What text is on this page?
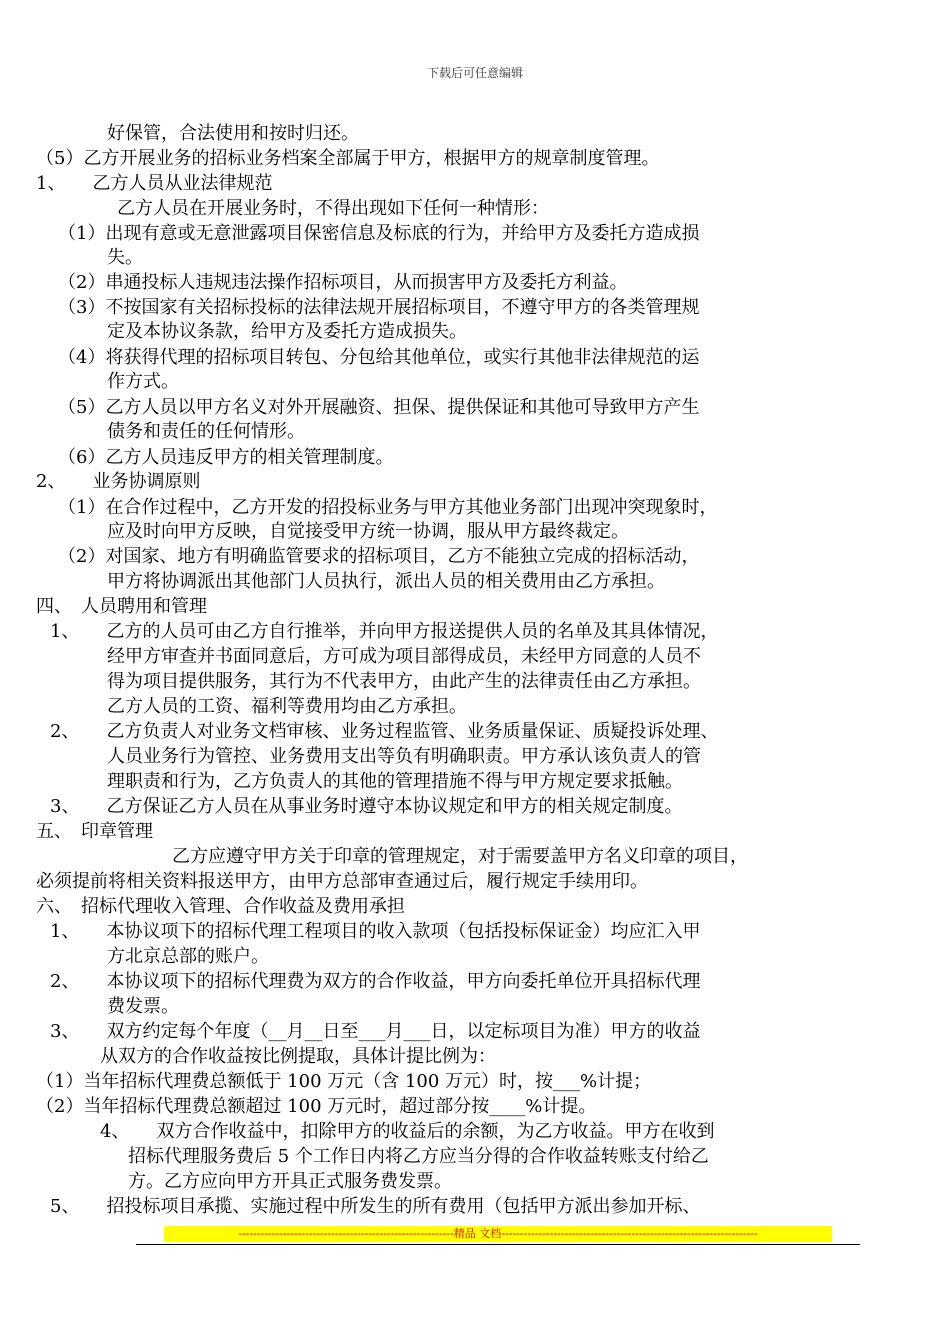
下载后可任意编辑
好保管，合法使用和按时归还。
（5）乙方开展业务的招标业务档案全部属于甲方，根据甲方的规章制度管理。
1、　　乙方人员从业法律规范
乙方人员在开展业务时，不得出现如下任何一种情形：
（1）出现有意或无意泄露项目保密信息及标底的行为，并给甲方及委托方造成损
失。
（2）串通投标人违规违法操作招标项目，从而损害甲方及委托方利益。
（3）不按国家有关招标投标的法律法规开展招标项目，不遵守甲方的各类管理规
定及本协议条款，给甲方及委托方造成损失。
（4）将获得代理的招标项目转包、分包给其他单位，或实行其他非法律规范的运
作方式。
（5）乙方人员以甲方名义对外开展融资、担保、提供保证和其他可导致甲方产生
债务和责任的任何情形。
（6）乙方人员违反甲方的相关管理制度。
2、　　业务协调原则
（1）在合作过程中，乙方开发的招投标业务与甲方其他业务部门出现冲突现象时，
应及时向甲方反映，自觉接受甲方统一协调，服从甲方最终裁定。
（2）对国家、地方有明确监管要求的招标项目，乙方不能独立完成的招标活动，
甲方将协调派出其他部门人员执行，派出人员的相关费用由乙方承担。
四、　人员聘用和管理
1、　　乙方的人员可由乙方自行推举，并向甲方报送提供人员的名单及其具体情况，
经甲方审查并书面同意后，方可成为项目部得成员，未经甲方同意的人员不
得为项目提供服务，其行为不代表甲方，由此产生的法律责任由乙方承担。
乙方人员的工资、福利等费用均由乙方承担。
2、　　乙方负责人对业务文档审核、业务过程监管、业务质量保证、质疑投诉处理、
人员业务行为管控、业务费用支出等负有明确职责。甲方承认该负责人的管
理职责和行为，乙方负责人的其他的管理措施不得与甲方规定要求抵触。
3、　　乙方保证乙方人员在从事业务时遵守本协议规定和甲方的相关规定制度。
五、　印章管理
乙方应遵守甲方关于印章的管理规定，对于需要盖甲方名义印章的项目，
必须提前将相关资料报送甲方，由甲方总部审查通过后，履行规定手续用印。
六、　招标代理收入管理、合作收益及费用承担
1、　　本协议项下的招标代理工程项目的收入款项（包括投标保证金）均应汇入甲
方北京总部的账户。
2、　　本协议项下的招标代理费为双方的合作收益，甲方向委托单位开具招标代理
费发票。
3、　　双方约定每个年度（__月__日至___月___日，以定标项目为准）甲方的收益
从双方的合作收益按比例提取，具体计提比例为：
（1）当年招标代理费总额低于 100 万元（含 100 万元）时，按___%计提；
（2）当年招标代理费总额超过 100 万元时，超过部分按____%计提。
4、　　双方合作收益中，扣除甲方的收益后的余额，为乙方收益。甲方在收到
招标代理服务费后 5 个工作日内将乙方应当分得的合作收益转账支付给乙
方。乙方应向甲方开具正式服务费发票。
5、　　招投标项目承揽、实施过程中所发生的所有费用（包括甲方派出参加开标、
----------------------------------------------------------精品 文档---------------------------------------------------------------------
